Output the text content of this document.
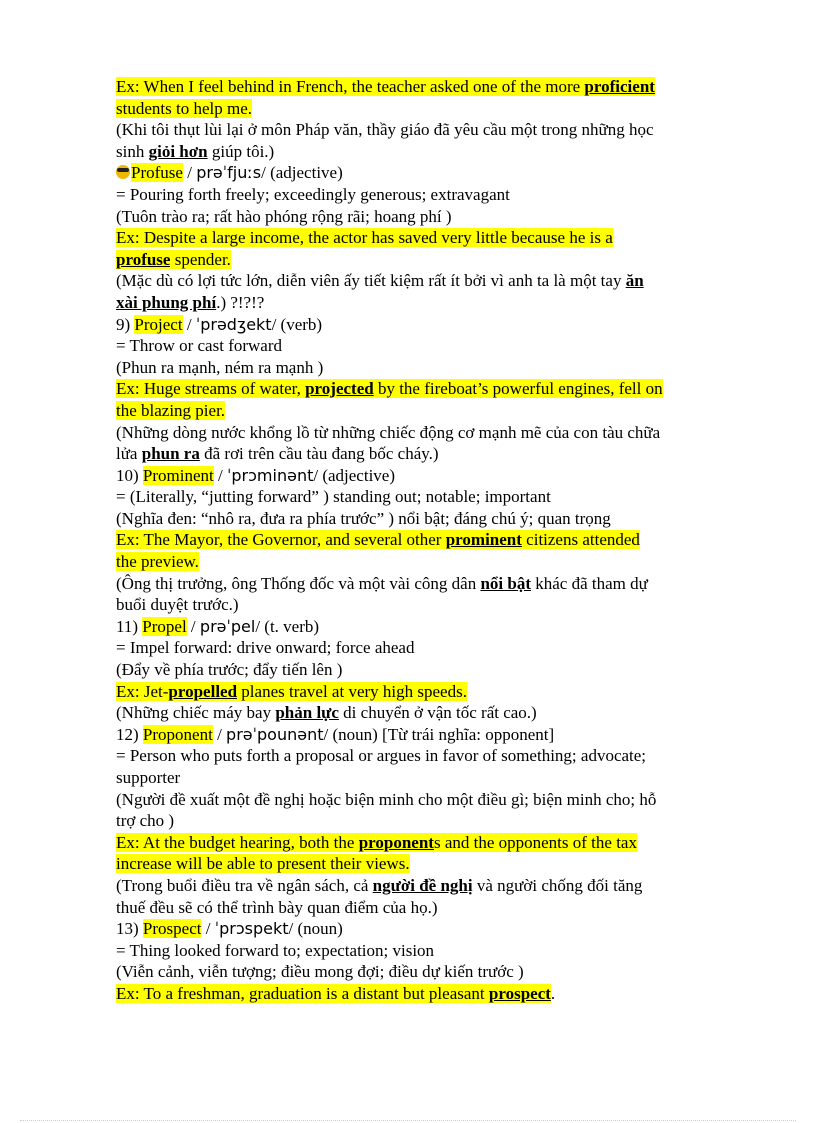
Ex: When I feel behind in French, the teacher asked one of the more proficient
students to help me.
(Khi tôi thụt lùi lại ở môn Pháp văn, thầy giáo đã yêu cầu một trong những học
sinh giỏi hơn giúp tôi.)
Profuse / prəˈfjuːs/ (adjective)
= Pouring forth freely; exceedingly generous; extravagant
(Tuôn trào ra; rất hào phóng rộng rãi; hoang phí )
Ex: Despite a large income, the actor has saved very little because he is a
profuse spender.
(Mặc dù có lợi tức lớn, diễn viên ấy tiết kiệm rất ít bởi vì anh ta là một tay ăn
xài phung phí.) ?!?!?
9) Project / ˈprədʒekt/ (verb)
= Throw or cast forward
(Phun ra mạnh, ném ra mạnh )
Ex: Huge streams of water, projected by the fireboat’s powerful engines, fell on
the blazing pier.
(Những dòng nước khổng lồ từ những chiếc động cơ mạnh mẽ của con tàu chữa
lửa phun ra đã rơi trên cầu tàu đang bốc cháy.)
10) Prominent / ˈprɔminənt/ (adjective)
= (Literally, “jutting forward” ) standing out; notable; important
(Nghĩa đen: “nhô ra, đưa ra phía trước” ) nổi bật; đáng chú ý; quan trọng
Ex: The Mayor, the Governor, and several other prominent citizens attended
the preview.
(Ông thị trưởng, ông Thống đốc và một vài công dân nổi bật khác đã tham dự
buổi duyệt trước.)
11) Propel / prəˈpel/ (t. verb)
= Impel forward: drive onward; force ahead
(Đẩy về phía trước; đẩy tiến lên )
Ex: Jet-propelled planes travel at very high speeds.
(Những chiếc máy bay phản lực di chuyển ở vận tốc rất cao.)
12) Proponent / prəˈpounənt/ (noun) [Từ trái nghĩa: opponent]
= Person who puts forth a proposal or argues in favor of something; advocate;
supporter
(Người đề xuất một đề nghị hoặc biện minh cho một điều gì; biện minh cho; hỗ
trợ cho )
Ex: At the budget hearing, both the proponents and the opponents of the tax
increase will be able to present their views.
(Trong buổi điều tra về ngân sách, cả người đề nghị và người chống đối tăng
thuế đều sẽ có thể trình bày quan điểm của họ.)
13) Prospect / ˈprɔspekt/ (noun)
= Thing looked forward to; expectation; vision
(Viễn cảnh, viễn tượng; điều mong đợi; điều dự kiến trước )
Ex: To a freshman, graduation is a distant but pleasant prospect.
